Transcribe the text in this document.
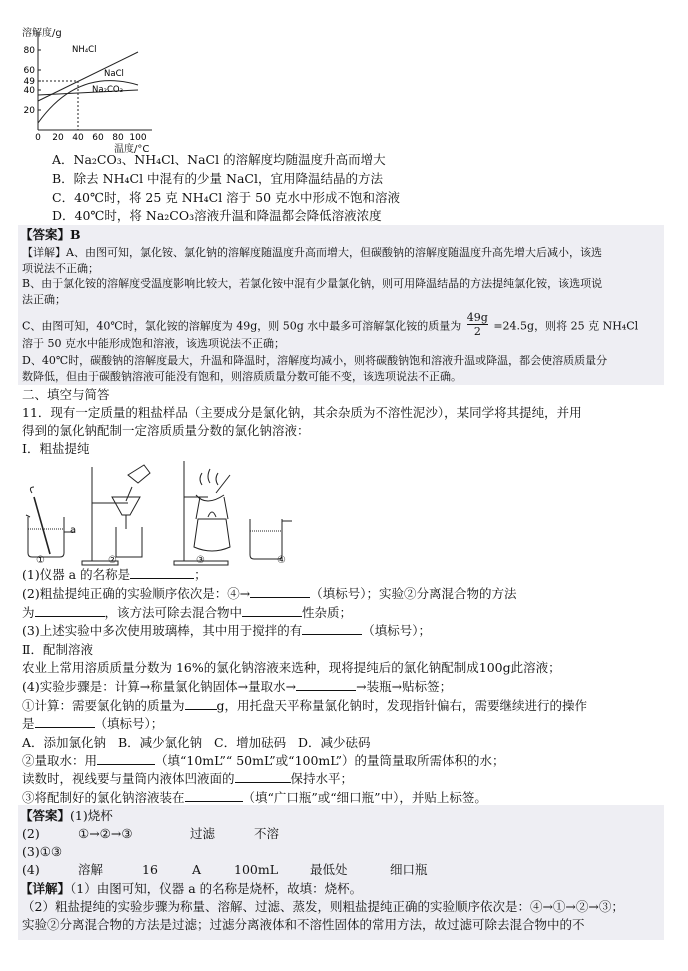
80
60
49
40
20
0 20 40 60 80 100
NH₄Cl
NaCl
Na₂CO₃
溶解度/g
温度/°C
A．Na₂CO₃、NH₄Cl、NaCl 的溶解度均随温度升高而增大
B．除去 NH₄Cl 中混有的少量 NaCl，宜用降温结晶的方法
C．40℃时，将 25 克 NH₄Cl 溶于 50 克水中形成不饱和溶液
D．40℃时，将 Na₂CO₃溶液升温和降温都会降低溶液浓度
【答案】B
【详解】A、由图可知，氯化铵、氯化钠的溶解度随温度升高而增大，但碳酸钠的溶解度随温度升高先增大后减小，该选
项说法不正确；
B、由于氯化铵的溶解度受温度影响比较大，若氯化铵中混有少量氯化钠，则可用降温结晶的方法提纯氯化铵，该选项说
法正确；
C、由图可知，40℃时，氯化铵的溶解度为 49g，则 50g 水中最多可溶解氯化铵的质量为 $\frac{49g}{2} =24.5g$，则将 25 克 NH₄Cl
溶于 50 克水中能形成饱和溶液，该选项说法不正确；
D、40℃时，碳酸钠的溶解度最大，升温和降温时，溶解度均减小，则将碳酸钠饱和溶液升温或降温，都会使溶质质量分
数降低，但由于碳酸钠溶液可能没有饱和，则溶质质量分数可能不变，该选项说法不正确。
二、填空与简答
11．现有一定质量的粗盐样品（主要成分是氯化钠，其余杂质为不溶性泥沙），某同学将其提纯，并用
得到的氯化钠配制一定溶质质量分数的氯化钠溶液：
Ⅰ．粗盐提纯
a
①	②	③	④
(1)仪器 a 的名称是	；
(2)粗盐提纯正确的实验顺序依次是：④→	（填标号）；实验②分离混合物的方法
为	，该方法可除去混合物中	性杂质；
(3)上述实验中多次使用玻璃棒，其中用于搅拌的有	（填标号）；
Ⅱ．配制溶液
农业上常用溶质质量分数为 16%的氯化钠溶液来选种，现将提纯后的氯化钠配制成100g此溶液；
(4)实验步骤是：计算→称量氯化钠固体→量取水→	→装瓶→贴标签；
①计算：需要氯化钠的质量为	g，用托盘天平称量氯化钠时，发现指针偏右，需要继续进行的操作
是	（填标号）；
A．添加氯化钠   B．减少氯化钠   C．增加砝码   D．减少砝码
②量取水：用	（填“10mL”“ 50mL”或“100mL”）的量筒量取所需体积的水；
读数时，视线要与量筒内液体凹液面的	保持水平；
③将配制好的氯化钠溶液装在	（填“广口瓶”或“细口瓶”中），并贴上标签。
【答案】(1)烧杯
(2)	①→②→③	过滤	不溶
(3)①③
(4)	溶解	16	A	100mL	最低处	细口瓶
【详解】（1）由图可知，仪器 a 的名称是烧杯，故填：烧杯。
（2）粗盐提纯的实验步骤为称量、溶解、过滤、蒸发，则粗盐提纯正确的实验顺序依次是：④→①→②→③；
实验②分离混合物的方法是过滤；过滤分离液体和不溶性固体的常用方法，故过滤可除去混合物中的不
